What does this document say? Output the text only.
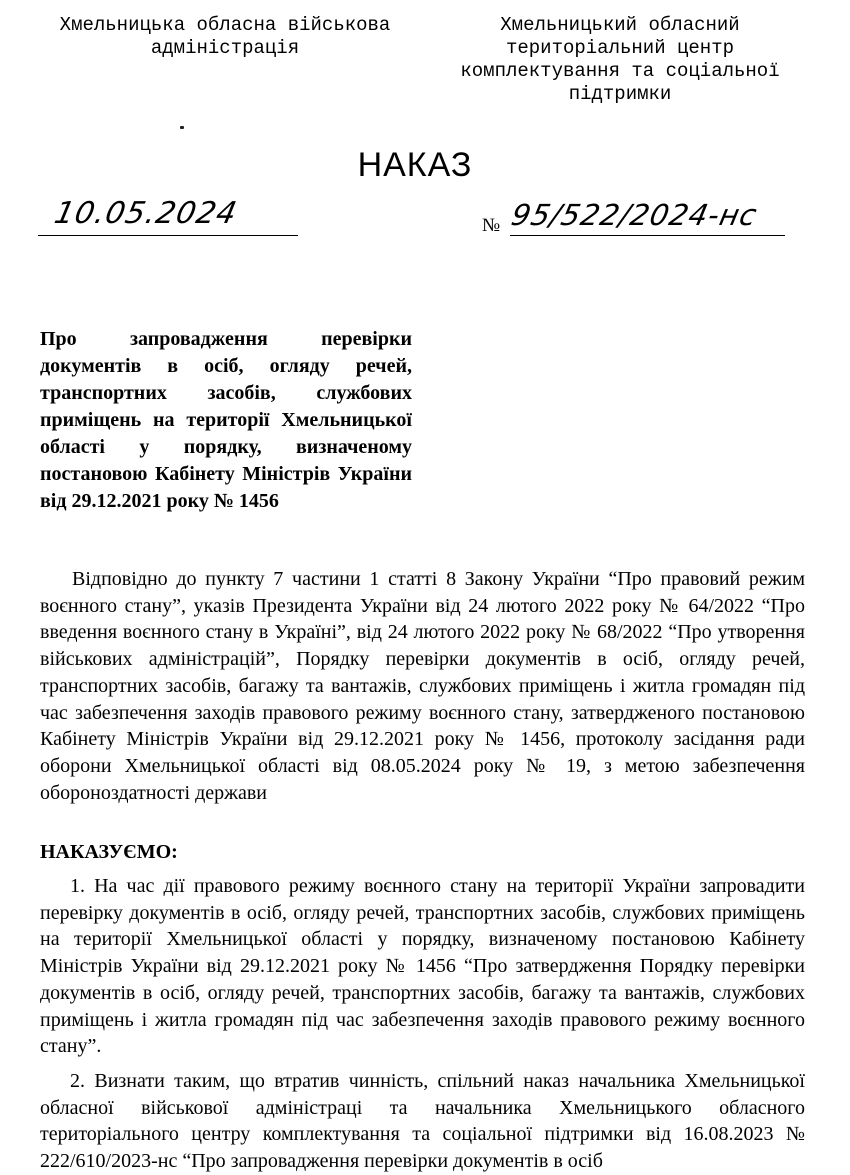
Хмельницька обласна військова
адміністрація
Хмельницький обласний
територіальний центр
комплектування та соціальної
підтримки
НАКАЗ
10.05.2024	№ 95/522/2024-нс
Про запровадження перевірки документів в осіб, огляду речей, транспортних засобів, службових приміщень на території Хмельницької області у порядку, визначеному постановою Кабінету Міністрів України від 29.12.2021 року № 1456
Відповідно до пункту 7 частини 1 статті 8 Закону України “Про правовий режим воєнного стану”, указів Президента України від 24 лютого 2022 року № 64/2022 “Про введення воєнного стану в Україні”, від 24 лютого 2022 року № 68/2022 “Про утворення військових адміністрацій”, Порядку перевірки документів в осіб, огляду речей, транспортних засобів, багажу та вантажів, службових приміщень і житла громадян під час забезпечення заходів правового режиму воєнного стану, затвердженого постановою Кабінету Міністрів України від 29.12.2021 року № 1456, протоколу засідання ради оборони Хмельницької області від 08.05.2024 року № 19, з метою забезпечення обороноздатності держави
НАКАЗУЄМО:
1. На час дії правового режиму воєнного стану на території України запровадити перевірку документів в осіб, огляду речей, транспортних засобів, службових приміщень на території Хмельницької області у порядку, визначеному постановою Кабінету Міністрів України від 29.12.2021 року № 1456 “Про затвердження Порядку перевірки документів в осіб, огляду речей, транспортних засобів, багажу та вантажів, службових приміщень і житла громадян під час забезпечення заходів правового режиму воєнного стану”.
2. Визнати таким, що втратив чинність, спільний наказ начальника Хмельницької обласної військової адміністраці та начальника Хмельницького обласного територіального центру комплектування та соціальної підтримки від 16.08.2023 № 222/610/2023-нс “Про запровадження перевірки документів в осіб
